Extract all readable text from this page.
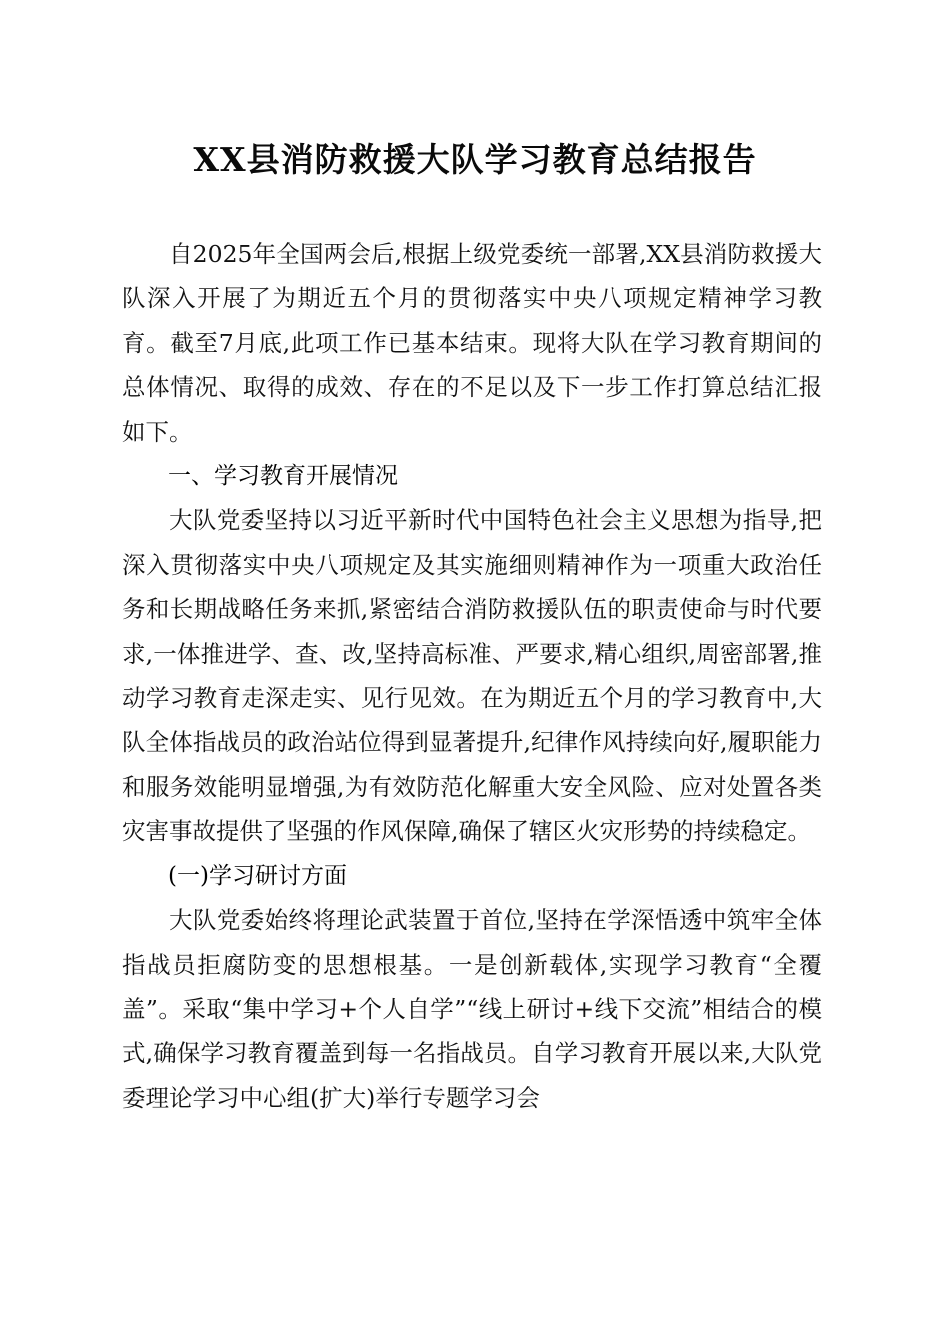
XX县消防救援大队学习教育总结报告

自2025年全国两会后,根据上级党委统一部署,XX县消防救援大队深入开展了为期近五个月的贯彻落实中央八项规定精神学习教育。截至7月底,此项工作已基本结束。现将大队在学习教育期间的总体情况、取得的成效、存在的不足以及下一步工作打算总结汇报如下。

一、学习教育开展情况

大队党委坚持以习近平新时代中国特色社会主义思想为指导,把深入贯彻落实中央八项规定及其实施细则精神作为一项重大政治任务和长期战略任务来抓,紧密结合消防救援队伍的职责使命与时代要求,一体推进学、查、改,坚持高标准、严要求,精心组织,周密部署,推动学习教育走深走实、见行见效。在为期近五个月的学习教育中,大队全体指战员的政治站位得到显著提升,纪律作风持续向好,履职能力和服务效能明显增强,为有效防范化解重大安全风险、应对处置各类灾害事故提供了坚强的作风保障,确保了辖区火灾形势的持续稳定。

(一)学习研讨方面

大队党委始终将理论武装置于首位,坚持在学深悟透中筑牢全体指战员拒腐防变的思想根基。一是创新载体,实现学习教育“全覆盖”。采取“集中学习+个人自学”“线上研讨+线下交流”相结合的模式,确保学习教育覆盖到每一名指战员。自学习教育开展以来,大队党委理论学习中心组(扩大)举行专题学习会
